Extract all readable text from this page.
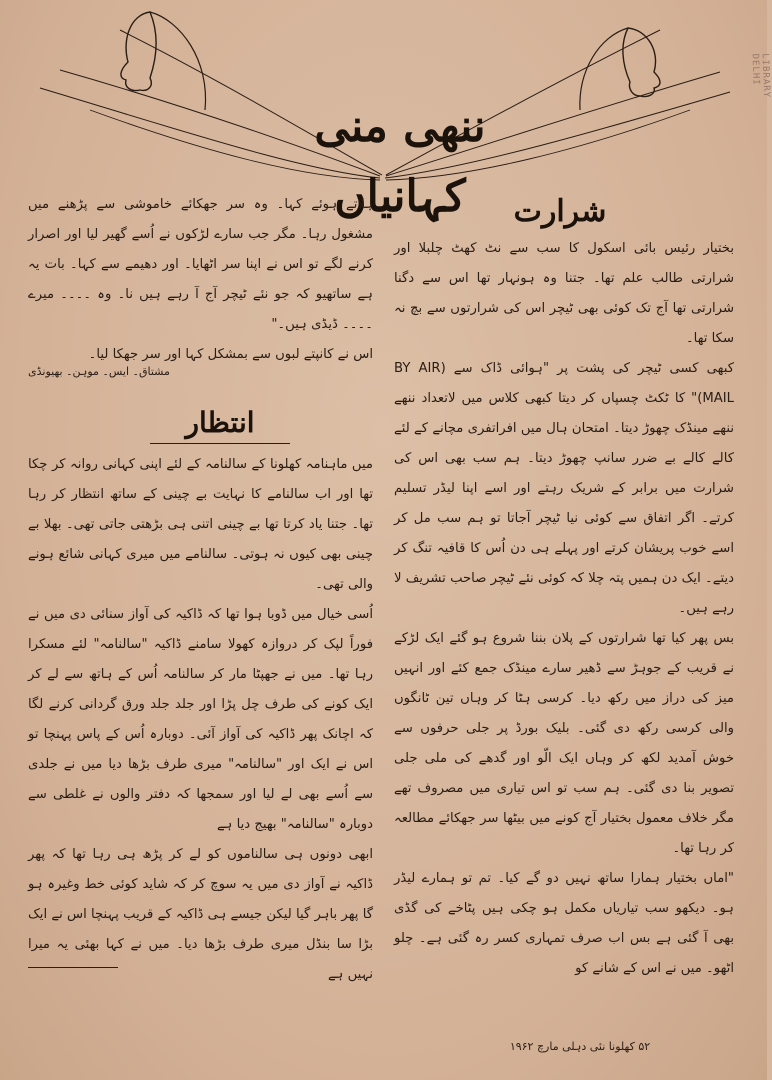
ننھی منی کہانیاں
LIBRARY DELHI
شرارت

بختیار رئیس بائی اسکول کا سب سے نٹ کھٹ چلبلا اور شرارتی طالب علم تھا۔ جتنا وہ ہونہار تھا اس سے دگنا شرارتی تھا آج تک کوئی بھی ٹیچر اس کی شرارتوں سے بچ نہ سکا تھا۔

کبھی کسی ٹیچر کی پشت پر "ہوائی ڈاک سے (BY AIR MAIL)" کا ٹکٹ چسپاں کر دیتا کبھی کلاس میں لاتعداد ننھے ننھے مینڈک چھوڑ دیتا۔ امتحان ہال میں افراتفری مچانے کے لئے کالے کالے بے ضرر سانپ چھوڑ دیتا۔ ہم سب بھی اس کی شرارت میں برابر کے شریک رہتے اور اسے اپنا لیڈر تسلیم کرتے۔ اگر اتفاق سے کوئی نیا ٹیچر آجاتا تو ہم سب مل کر اسے خوب پریشان کرتے اور پہلے ہی دن اُس کا قافیہ تنگ کر دیتے۔ ایک دن ہمیں پتہ چلا کہ کوئی نئے ٹیچر صاحب تشریف لا رہے ہیں۔

بس پھر کیا تھا شرارتوں کے پلان بننا شروع ہو گئے ایک لڑکے نے قریب کے جوہڑ سے ڈھیر سارے مینڈک جمع کئے اور انہیں میز کی دراز میں رکھ دیا۔ کرسی ہٹا کر وہاں تین ٹانگوں والی کرسی رکھ دی گئی۔ بلیک بورڈ پر جلی حرفوں سے خوش آمدید لکھ کر وہاں ایک الّو اور گدھے کی ملی جلی تصویر بنا دی گئی۔ ہم سب تو اس تیاری میں مصروف تھے مگر خلاف معمول بختیار آج کونے میں بیٹھا سر جھکائے مطالعہ کر رہا تھا۔

"اماں بختیار ہمارا ساتھ نہیں دو گے کیا۔ تم تو ہمارے لیڈر ہو۔ دیکھو سب تیاریاں مکمل ہو چکی ہیں پٹاخے کی گڈی بھی آ گئی ہے بس اب صرف تمہاری کسر رہ گئی ہے۔ چلو اٹھو۔ میں نے اس کے شانے کو

ہلاتے ہوئے کہا۔ وہ سر جھکائے خاموشی سے پڑھنے میں مشغول رہا۔ مگر جب سارے لڑکوں نے اُسے گھیر لیا اور اصرار کرنے لگے تو اس نے اپنا سر اٹھایا۔ اور دھیمے سے کہا۔ بات یہ ہے ساتھیو کہ جو نئے ٹیچر آج آ رہے ہیں نا۔ وہ ۔۔۔۔ میرے ۔۔۔۔ ڈیڈی ہیں۔"

اس نے کانپتے لبوں سے بمشکل کہا اور سر جھکا لیا۔

مشتاق۔ ایس۔ موہن۔ بھیونڈی
انتظار

میں ماہنامہ کھلونا کے سالنامہ کے لئے اپنی کہانی روانہ کر چکا تھا اور اب سالنامے کا نہایت بے چینی کے ساتھ انتظار کر رہا تھا۔ جتنا یاد کرتا تھا بے چینی اتنی ہی بڑھتی جاتی تھی۔ بھلا بے چینی بھی کیوں نہ ہوتی۔ سالنامے میں میری کہانی شائع ہونے والی تھی۔

اُسی خیال میں ڈوبا ہوا تھا کہ ڈاکیہ کی آواز سنائی دی میں نے فوراً لپک کر دروازہ کھولا سامنے ڈاکیہ "سالنامہ" لئے مسکرا رہا تھا۔ میں نے جھپٹا مار کر سالنامہ اُس کے ہاتھ سے لے کر ایک کونے کی طرف چل پڑا اور جلد جلد ورق گردانی کرنے لگا کہ اچانک پھر ڈاکیہ کی آواز آئی۔ دوبارہ اُس کے پاس پہنچا تو اس نے ایک اور "سالنامہ" میری طرف بڑھا دیا میں نے جلدی سے اُسے بھی لے لیا اور سمجھا کہ دفتر والوں نے غلطی سے دوبارہ "سالنامہ" بھیج دیا ہے

ابھی دونوں ہی سالناموں کو لے کر پڑھ ہی رہا تھا کہ پھر ڈاکیہ نے آواز دی میں یہ سوچ کر کہ شاید کوئی خط وغیرہ ہو گا پھر باہر گیا لیکن جیسے ہی ڈاکیہ کے قریب پہنچا اس نے ایک بڑا سا بنڈل میری طرف بڑھا دیا۔ میں نے کہا بھئی یہ میرا نہیں ہے

۵۲ کھلونا نئی دہلی مارچ ۱۹۶۲
